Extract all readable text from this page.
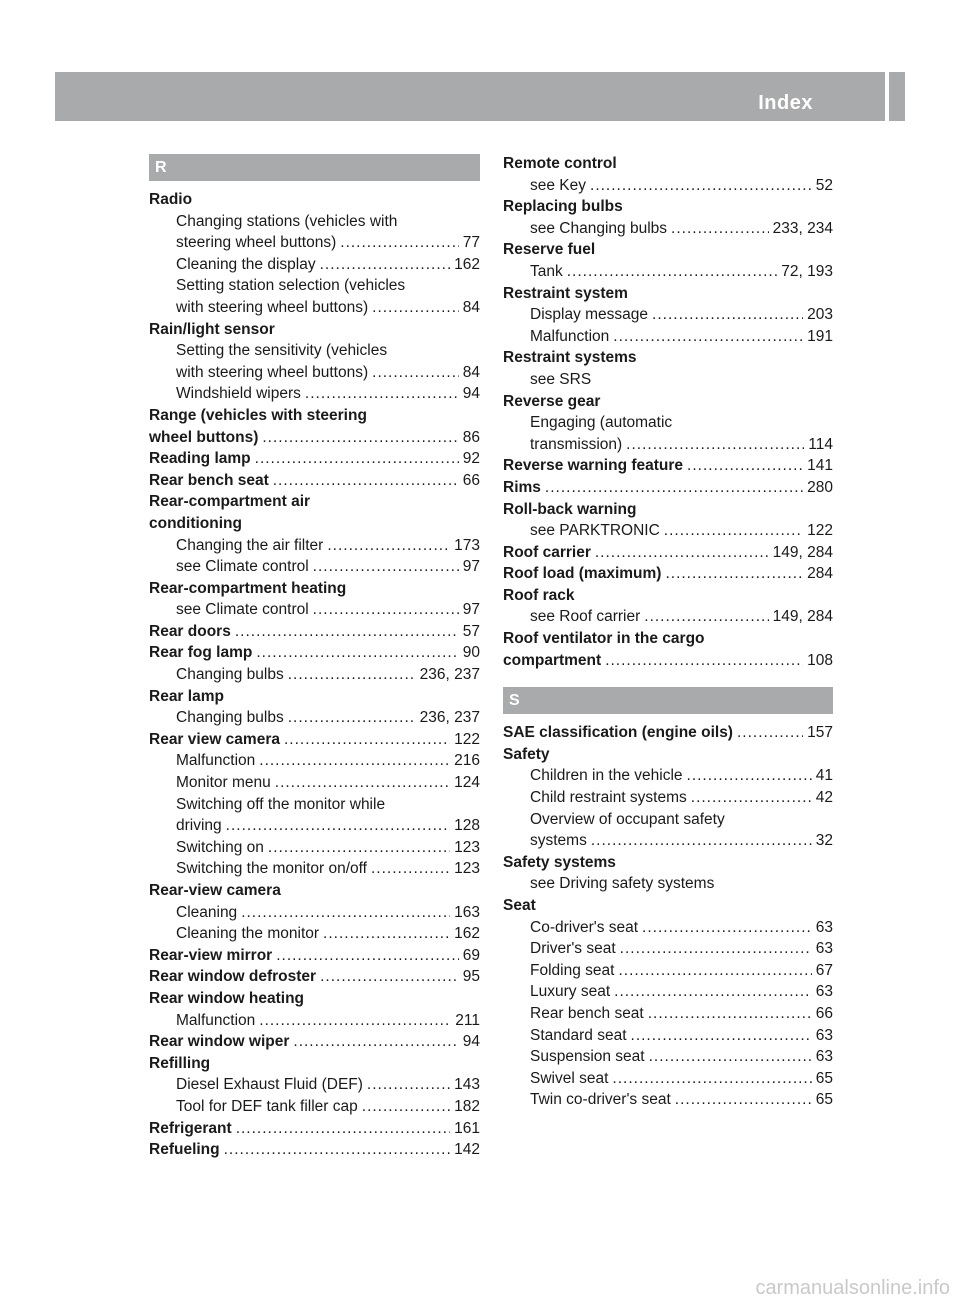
Index	11
R
Radio
Changing stations (vehicles with
steering wheel buttons) .....	77
Cleaning the display .....	162
Setting station selection (vehicles
with steering wheel buttons) .....	84
Rain/light sensor
Setting the sensitivity (vehicles
with steering wheel buttons) .....	84
Windshield wipers .....	94
Range (vehicles with steering
wheel buttons) .....	86
Reading lamp .....	92
Rear bench seat .....	66
Rear-compartment air
conditioning
Changing the air filter .....	173
see Climate control .....	97
Rear-compartment heating
see Climate control .....	97
Rear doors .....	57
Rear fog lamp .....	90
Changing bulbs .....	236, 237
Rear lamp
Changing bulbs .....	236, 237
Rear view camera .....	122
Malfunction .....	216
Monitor menu .....	124
Switching off the monitor while
driving .....	128
Switching on .....	123
Switching the monitor on/off .....	123
Rear-view camera
Cleaning .....	163
Cleaning the monitor .....	162
Rear-view mirror .....	69
Rear window defroster .....	95
Rear window heating
Malfunction .....	211
Rear window wiper .....	94
Refilling
Diesel Exhaust Fluid (DEF) .....	143
Tool for DEF tank filler cap .....	182
Refrigerant .....	161
Refueling .....	142
Remote control
see Key .....	52
Replacing bulbs
see Changing bulbs .....	233, 234
Reserve fuel
Tank .....	72, 193
Restraint system
Display message .....	203
Malfunction .....	191
Restraint systems
see SRS
Reverse gear
Engaging (automatic
transmission) .....	114
Reverse warning feature .....	141
Rims .....	280
Roll-back warning
see PARKTRONIC .....	122
Roof carrier .....	149, 284
Roof load (maximum) .....	284
Roof rack
see Roof carrier .....	149, 284
Roof ventilator in the cargo
compartment .....	108
S
SAE classification (engine oils) .....	157
Safety
Children in the vehicle .....	41
Child restraint systems .....	42
Overview of occupant safety
systems .....	32
Safety systems
see Driving safety systems
Seat
Co-driver's seat .....	63
Driver's seat .....	63
Folding seat .....	67
Luxury seat .....	63
Rear bench seat .....	66
Standard seat .....	63
Suspension seat .....	63
Swivel seat .....	65
Twin co-driver's seat .....	65
carmanualsonline.info
